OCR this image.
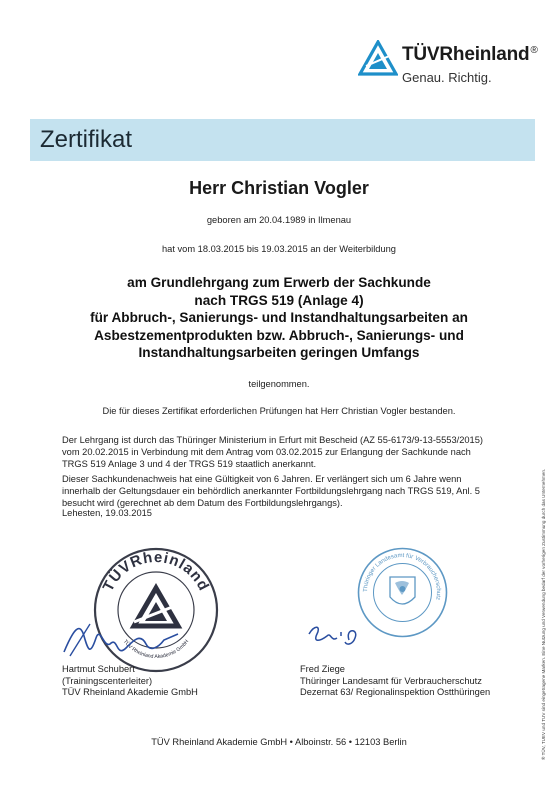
TÜVRheinland®
Genau. Richtig.
Zertifikat
Herr Christian Vogler
geboren am 20.04.1989 in Ilmenau
hat vom 18.03.2015 bis 19.03.2015 an der Weiterbildung
am Grundlehrgang zum Erwerb der Sachkunde
nach TRGS 519 (Anlage 4)
für Abbruch-, Sanierungs- und Instandhaltungsarbeiten an
Asbestzementprodukten bzw. Abbruch-, Sanierungs- und
Instandhaltungsarbeiten geringen Umfangs
teilgenommen.
Die für dieses Zertifikat erforderlichen Prüfungen hat Herr Christian Vogler bestanden.
Der Lehrgang ist durch das Thüringer Ministerium in Erfurt mit Bescheid (AZ 55-6173/9-13-5553/2015)
vom 20.02.2015 in Verbindung mit dem Antrag vom 03.02.2015 zur Erlangung der Sachkunde nach
TRGS 519 Anlage 3 und 4 der TRGS 519 staatlich anerkannt.
Dieser Sachkundenachweis hat eine Gültigkeit von 6 Jahren. Er verlängert sich um 6 Jahre wenn
innerhalb der Geltungsdauer ein behördlich anerkannter Fortbildungslehrgang nach TRGS 519, Anl. 5
besucht wird (gerechnet ab dem Datum des Fortbildungslehrgangs).
Lehesten, 19.03.2015
TÜVRheinland
TÜV Rheinland Akademie GmbH
Thüringer Landesamt für Verbraucherschutz
Hartmut Schubert
(Trainingscenterleiter)
TÜV Rheinland Akademie GmbH
Fred Ziege
Thüringer Landesamt für Verbraucherschutz
Dezernat 63/ Regionalinspektion Ostthüringen
TÜV Rheinland Akademie GmbH • Alboinstr. 56 • 12103 Berlin	® TÜV, TUEV und TUV sind eingetragene Marken. Eine Nutzung und Verwendung bedarf der vorherigen Zustimmung durch das Unternehmen.
